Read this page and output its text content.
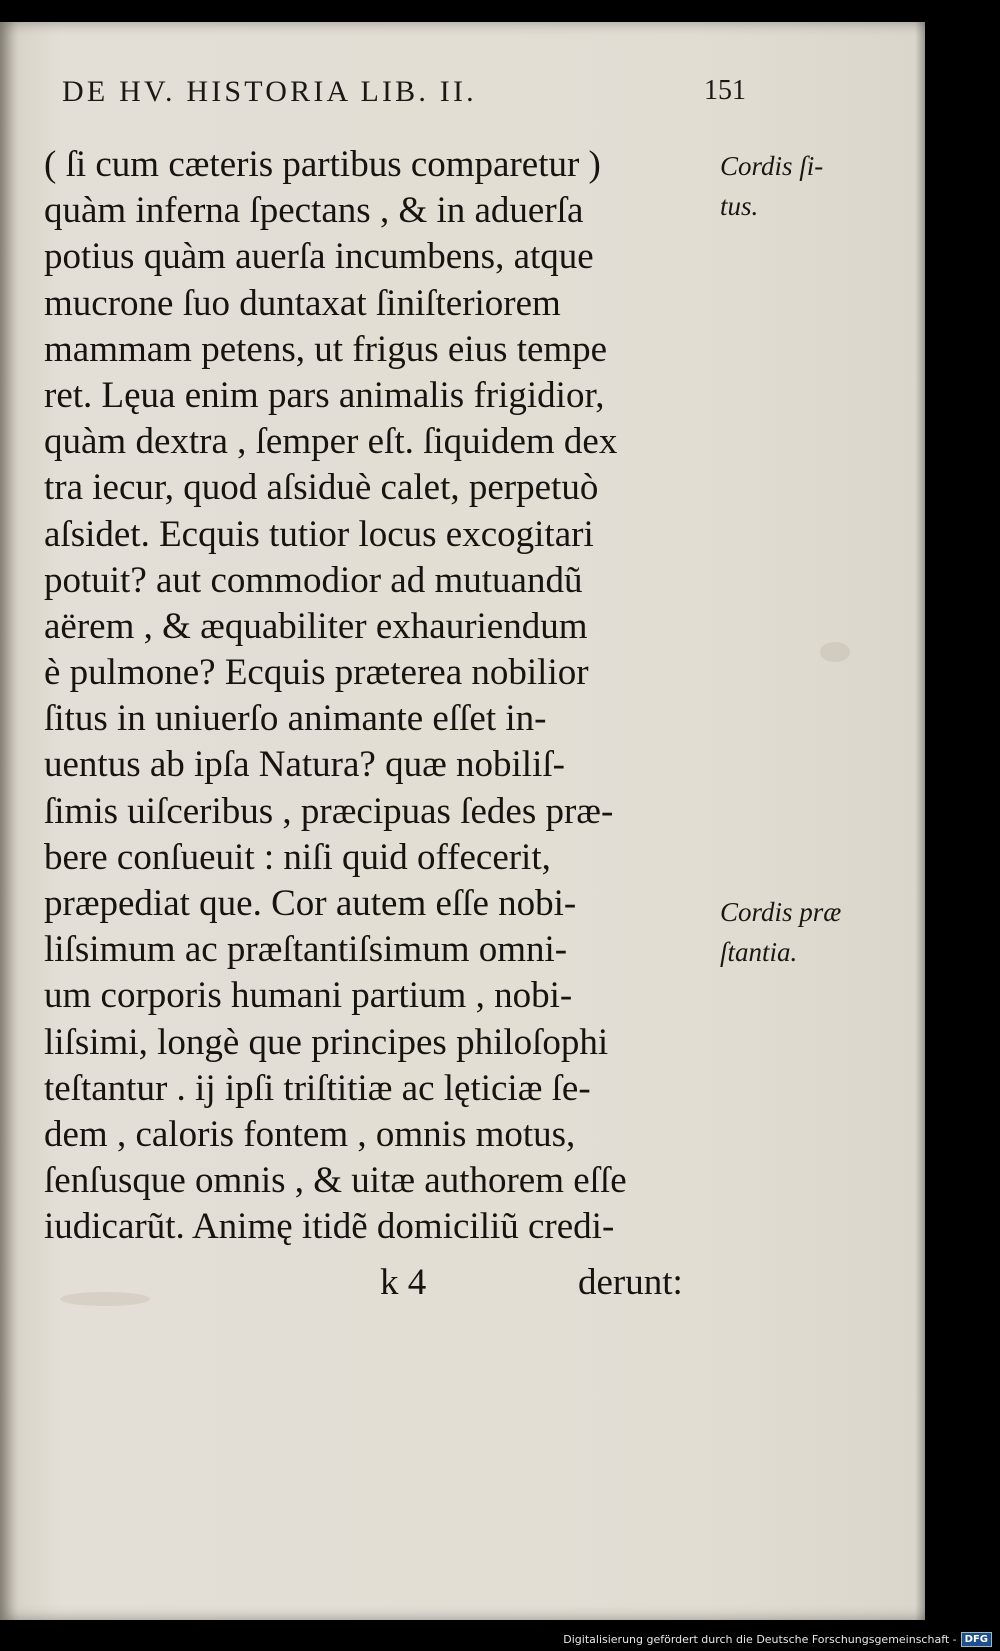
DE HV. HISTORIA LIB. II.	151
( ſi cum cæteris partibus comparetur )
quàm inferna ſpectans , & in aduerſa
potius quàm auerſa incumbens, atque
mucrone ſuo duntaxat ſiniſteriorem
mammam petens, ut frigus eius tempe
ret. Lęua enim pars animalis frigidior,
quàm dextra , ſemper eſt. ſiquidem dex
tra iecur, quod aſsiduè calet, perpetuò
aſsidet. Ecquis tutior locus excogitari
potuit? aut commodior ad mutuandũ
aërem , & æquabiliter exhauriendum
è pulmone? Ecquis præterea nobilior
ſitus in uniuerſo animante eſſet in-
uentus ab ipſa Natura? quæ nobiliſ-
ſimis uiſceribus , præcipuas ſedes præ-
bere conſueuit : niſi quid offecerit,
præpediat que. Cor autem eſſe nobi-
liſsimum ac præſtantiſsimum omni-
um corporis humani partium , nobi-
liſsimi, longè que principes philoſophi
teſtantur . ij ipſi triſtitiæ ac lęticiæ ſe-
dem , caloris fontem , omnis motus,
ſenſusque omnis , & uitæ authorem eſſe
iudicarũt. Animę itidẽ domiciliũ credi-
Cordis ſi-
tus.
Cordis præ
ſtantia.
k 4	derunt:
Digitalisierung gefördert durch die Deutsche Forschungsgemeinschaft - DFG
